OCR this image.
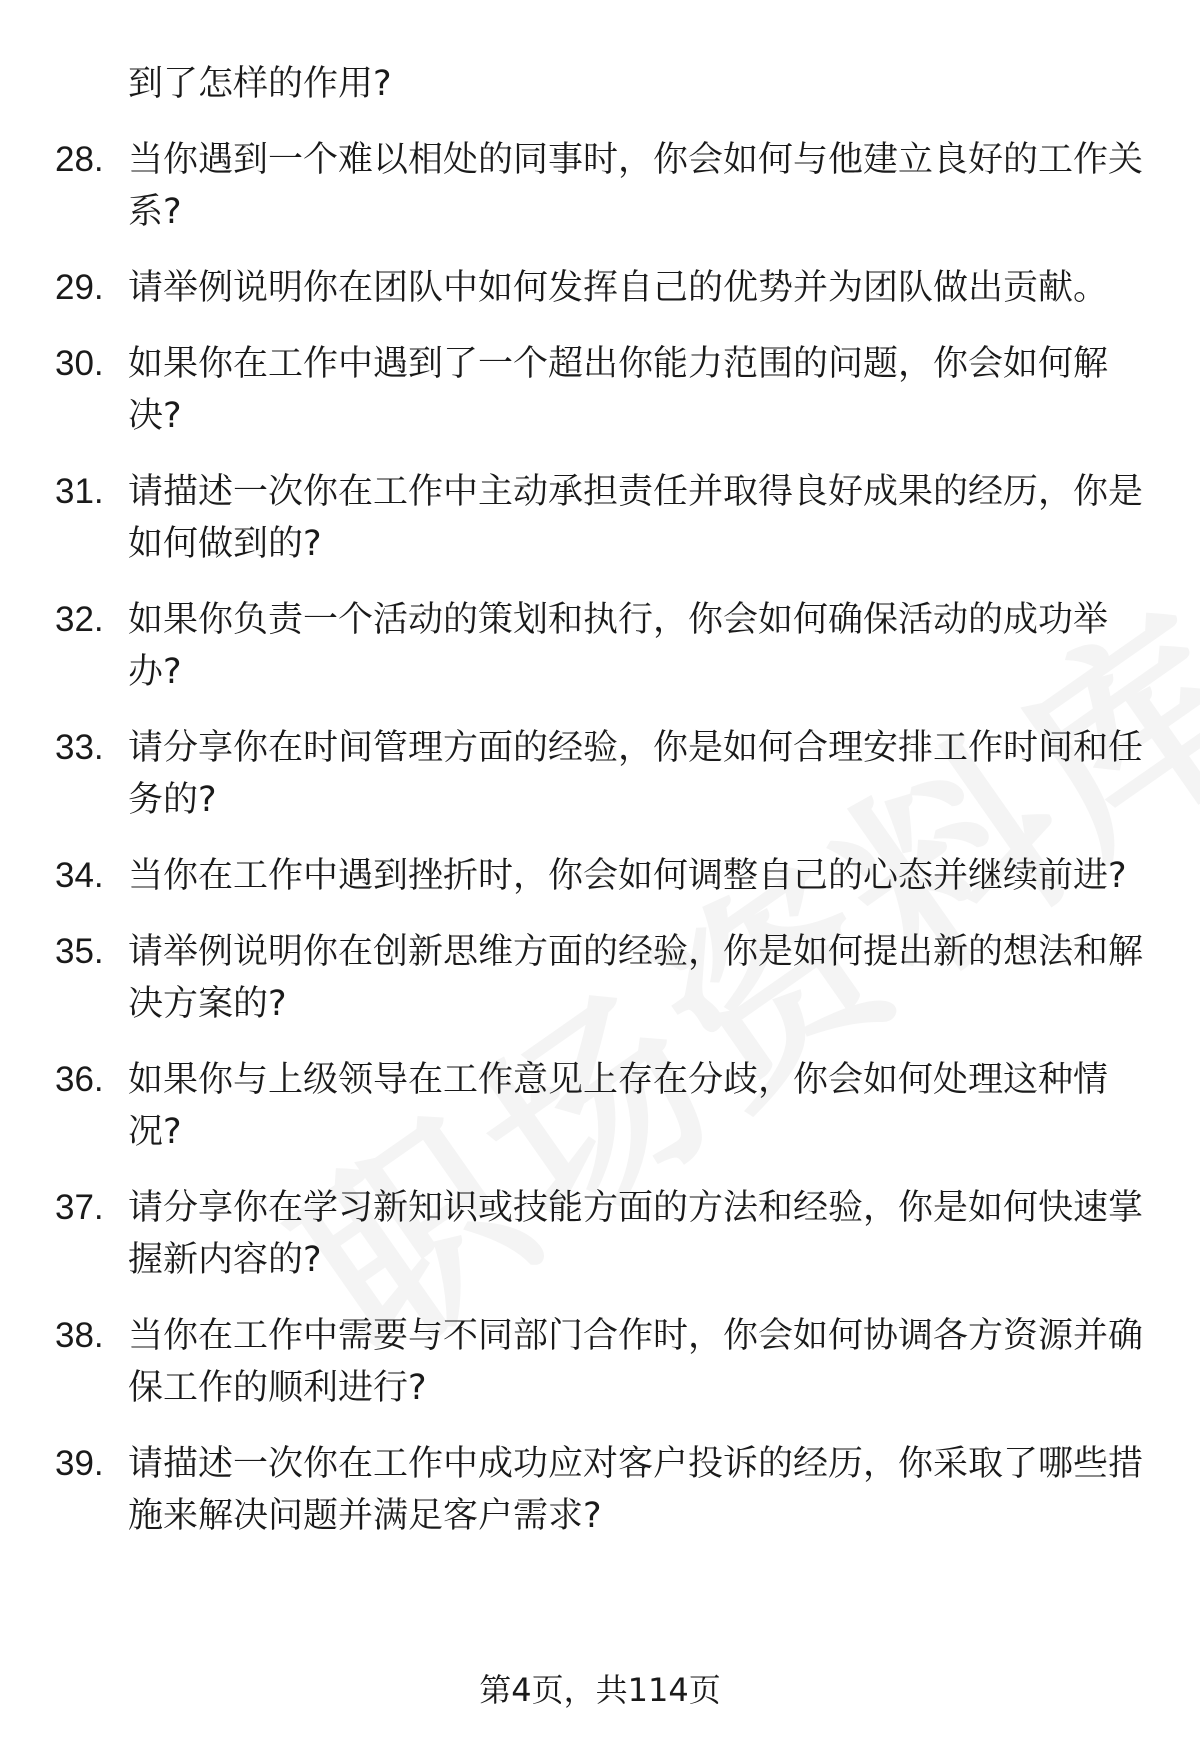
到了怎样的作用?
28. 当你遇到一个难以相处的同事时，你会如何与他建立良好的工作关系?
29. 请举例说明你在团队中如何发挥自己的优势并为团队做出贡献。
30. 如果你在工作中遇到了一个超出你能力范围的问题，你会如何解决?
31. 请描述一次你在工作中主动承担责任并取得良好成果的经历，你是如何做到的?
32. 如果你负责一个活动的策划和执行，你会如何确保活动的成功举办?
33. 请分享你在时间管理方面的经验，你是如何合理安排工作时间和任务的?
34. 当你在工作中遇到挫折时，你会如何调整自己的心态并继续前进?
35. 请举例说明你在创新思维方面的经验，你是如何提出新的想法和解决方案的?
36. 如果你与上级领导在工作意见上存在分歧，你会如何处理这种情况?
37. 请分享你在学习新知识或技能方面的方法和经验，你是如何快速掌握新内容的?
38. 当你在工作中需要与不同部门合作时，你会如何协调各方资源并确保工作的顺利进行?
39. 请描述一次你在工作中成功应对客户投诉的经历，你采取了哪些措施来解决问题并满足客户需求?
第4页，共114页
